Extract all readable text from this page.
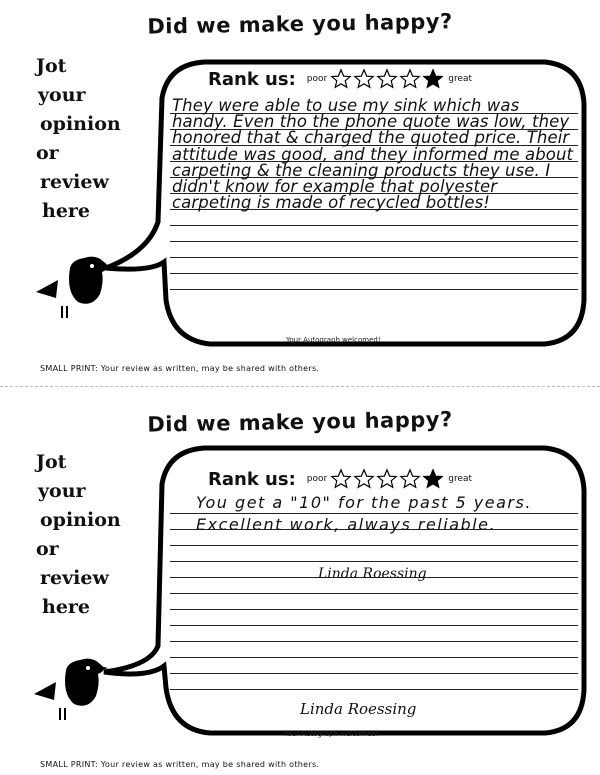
Did we make you happy?
Jot
your
opinion
or
review
here
Rank us: poor	great
They were able to use my sink which was handy. Even tho the phone quote was low, they honored that & charged the quoted price. Their attitude was good, and they informed me about carpeting & the cleaning products they use. I didn't know for example that polyester carpeting is made of recycled bottles!
Your Autograph welcomed!
SMALL PRINT: Your review as written, may be shared with others.
Did we make you happy?
Jot
your
opinion
or
review
here
Rank us: poor	great
You get a "10" for the past 5 years. Excellent work, always reliable.
Linda Roessing
Linda Roessing
Your Autograph welcomed!
SMALL PRINT: Your review as written, may be shared with others.
